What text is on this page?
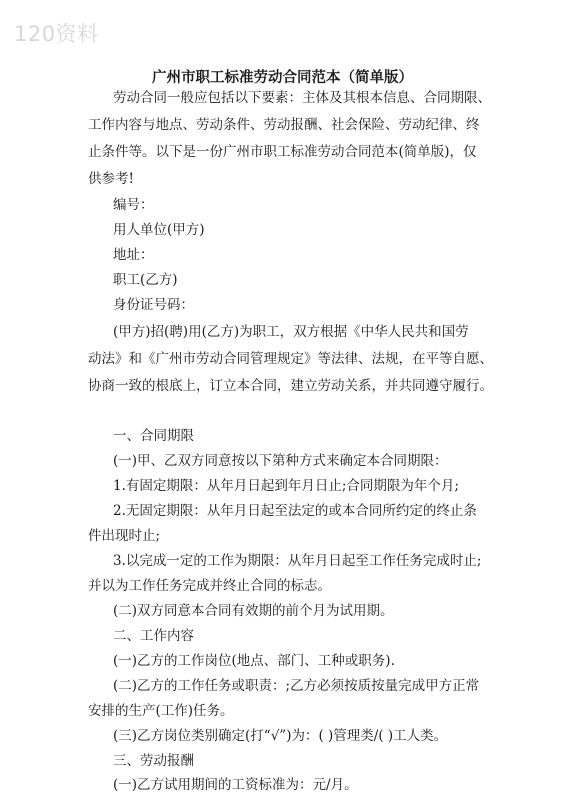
120资料
广州市职工标准劳动合同范本（简单版）
劳动合同一般应包括以下要素：主体及其根本信息、合同期限、
工作内容与地点、劳动条件、劳动报酬、社会保险、劳动纪律、终
止条件等。以下是一份广州市职工标准劳动合同范本(简单版)，仅
供参考!
编号：
用人单位(甲方)
地址：
职工(乙方)
身份证号码：
(甲方)招(聘)用(乙方)为职工，双方根据《中华人民共和国劳
动法》和《广州市劳动合同管理规定》等法律、法规，在平等自愿、
协商一致的根底上，订立本合同，建立劳动关系，并共同遵守履行。
一、合同期限
(一)甲、乙双方同意按以下第种方式来确定本合同期限：
1.有固定期限：从年月日起到年月日止;合同期限为年个月;
2.无固定期限：从年月日起至法定的或本合同所约定的终止条
件出现时止;
3.以完成一定的工作为期限：从年月日起至工作任务完成时止;
并以为工作任务完成并终止合同的标志。
(二)双方同意本合同有效期的前个月为试用期。
二、工作内容
(一)乙方的工作岗位(地点、部门、工种或职务).
(二)乙方的工作任务或职责：;乙方必须按质按量完成甲方正常
安排的生产(工作)任务。
(三)乙方岗位类别确定(打“√”)为：( )管理类/( )工人类。
三、劳动报酬
(一)乙方试用期间的工资标准为：元/月。
